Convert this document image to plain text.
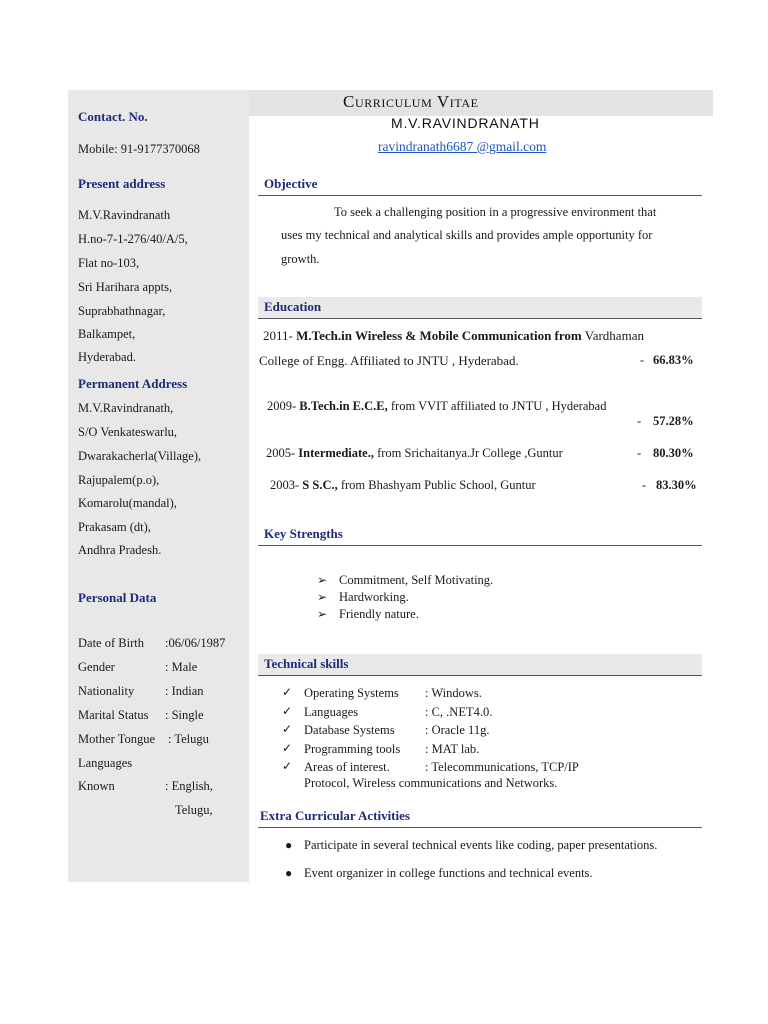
Contact. No.
Mobile: 91-9177370068
Present address
M.V.Ravindranath
H.no-7-1-276/40/A/5,
Flat no-103,
Sri Harihara appts,
Suprabhathnagar,
Balkampet,
Hyderabad.
Permanent Address
M.V.Ravindranath,
S/O Venkateswarlu,
Dwarakacherla(Village),
Rajupalem(p.o),
Komarolu(mandal),
Prakasam (dt),
Andhra Pradesh.
Personal Data
Date of Birth :06/06/1987
Gender	: Male
Nationality : Indian
Marital Status : Single
Mother Tongue : Telugu
Languages
Known	: English,
Telugu,
Curriculum Vitae
M.V.RAVINDRANATH
ravindranath6687 @gmail.com
Objective
To seek a challenging position in a progressive environment that
uses my technical and analytical skills and provides ample opportunity for
growth.
Education
2011- M.Tech.in Wireless & Mobile Communication from Vardhaman
College of Engg. Affiliated to JNTU , Hyderabad.	- 66.83%
2009- B.Tech.in E.C.E, from VVIT affiliated to JNTU , Hyderabad
- 57.28%
2005- Intermediate., from Srichaitanya.Jr College ,Guntur	- 80.30%
2003- S S.C., from Bhashyam Public School, Guntur	- 83.30%
Key Strengths
➢ Commitment, Self Motivating.
➢ Hardworking.
➢ Friendly nature.
Technical skills
✓ Operating Systems : Windows.
✓ Languages	: C, .NET4.0.
✓ Database Systems : Oracle 11g.
✓ Programming tools : MAT lab.
✓ Areas of interest.	: Telecommunications, TCP/IP
Protocol, Wireless communications and Networks.
Extra Curricular Activities
● Participate in several technical events like coding, paper presentations.
● Event organizer in college functions and technical events.
